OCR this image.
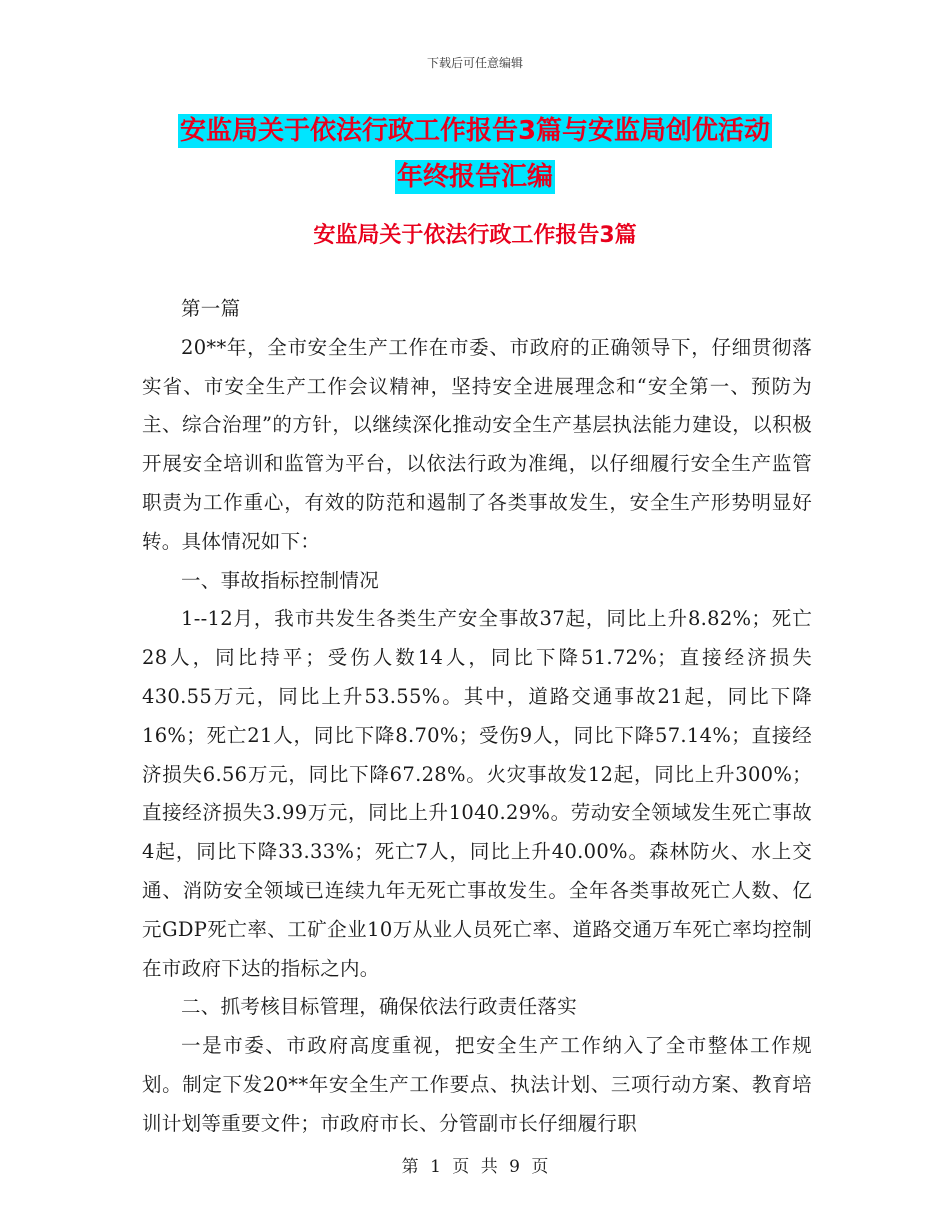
下载后可任意编辑
安监局关于依法行政工作报告3篇与安监局创优活动
年终报告汇编
安监局关于依法行政工作报告3篇

第一篇

20**年，全市安全生产工作在市委、市政府的正确领导下，仔细贯彻落实省、市安全生产工作会议精神，坚持安全进展理念和“安全第一、预防为主、综合治理”的方针，以继续深化推动安全生产基层执法能力建设，以积极开展安全培训和监管为平台，以依法行政为准绳，以仔细履行安全生产监管职责为工作重心，有效的防范和遏制了各类事故发生，安全生产形势明显好转。具体情况如下：

一、事故指标控制情况

1--12月，我市共发生各类生产安全事故37起，同比上升8.82%；死亡28人，同比持平；受伤人数14人，同比下降51.72%；直接经济损失430.55万元，同比上升53.55%。其中，道路交通事故21起，同比下降16%；死亡21人，同比下降8.70%；受伤9人，同比下降57.14%；直接经济损失6.56万元，同比下降67.28%。火灾事故发12起，同比上升300%；直接经济损失3.99万元，同比上升1040.29%。劳动安全领域发生死亡事故4起，同比下降33.33%；死亡7人，同比上升40.00%。森林防火、水上交通、消防安全领域已连续九年无死亡事故发生。全年各类事故死亡人数、亿元GDP死亡率、工矿企业10万从业人员死亡率、道路交通万车死亡率均控制在市政府下达的指标之内。

二、抓考核目标管理，确保依法行政责任落实

一是市委、市政府高度重视，把安全生产工作纳入了全市整体工作规划。制定下发20**年安全生产工作要点、执法计划、三项行动方案、教育培训计划等重要文件；市政府市长、分管副市长仔细履行职

第 1 页 共 9 页
